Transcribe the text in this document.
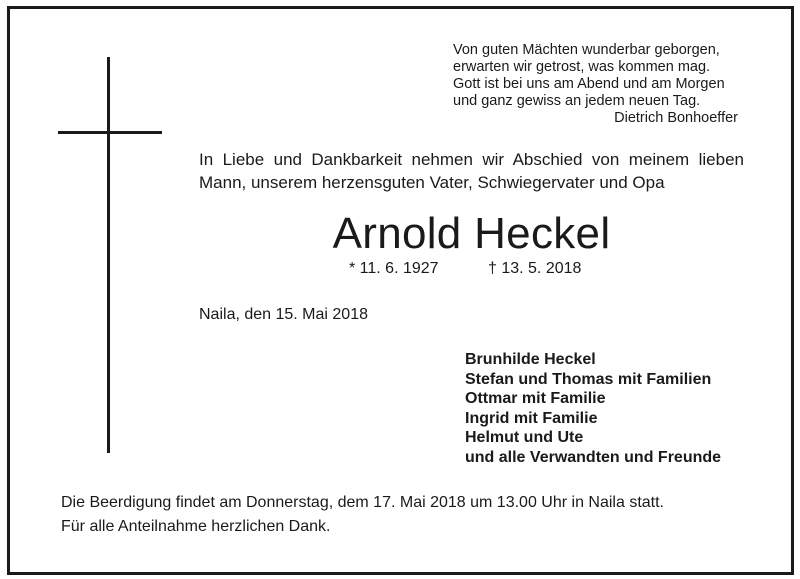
Von guten Mächten wunderbar geborgen,
erwarten wir getrost, was kommen mag.
Gott ist bei uns am Abend und am Morgen
und ganz gewiss an jedem neuen Tag.
Dietrich Bonhoeffer
In Liebe und Dankbarkeit nehmen wir Abschied von meinem lieben
Mann, unserem herzensguten Vater, Schwiegervater und Opa
Arnold Heckel
* 11. 6. 1927	† 13. 5. 2018
Naila, den 15. Mai 2018
Brunhilde Heckel
Stefan und Thomas mit Familien
Ottmar mit Familie
Ingrid mit Familie
Helmut und Ute
und alle Verwandten und Freunde
Die Beerdigung findet am Donnerstag, dem 17. Mai 2018 um 13.00 Uhr in Naila statt.
Für alle Anteilnahme herzlichen Dank.
